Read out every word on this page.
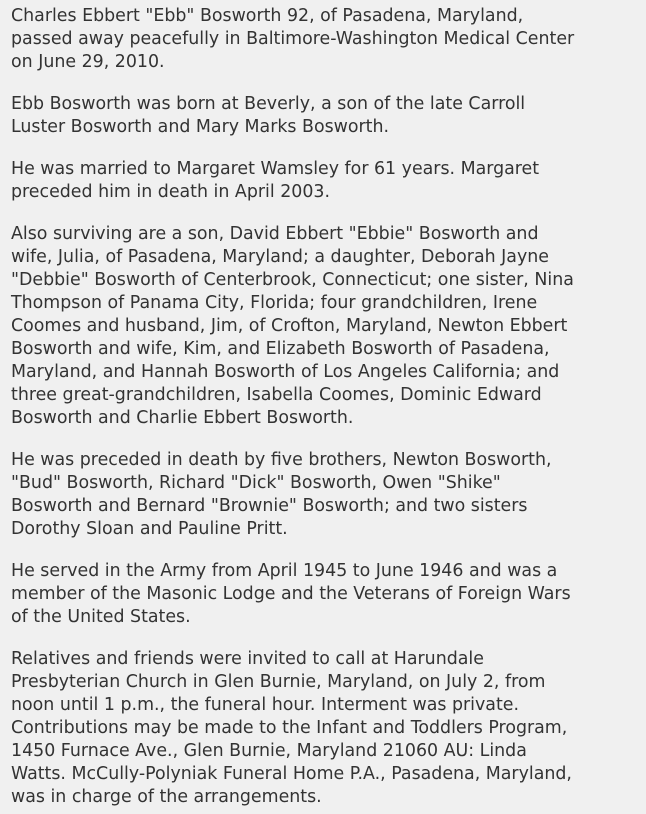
Charles Ebbert "Ebb" Bosworth 92, of Pasadena, Maryland,
passed away peacefully in Baltimore-Washington Medical Center
on June 29, 2010.

Ebb Bosworth was born at Beverly, a son of the late Carroll
Luster Bosworth and Mary Marks Bosworth.

He was married to Margaret Wamsley for 61 years. Margaret
preceded him in death in April 2003.

Also surviving are a son, David Ebbert "Ebbie" Bosworth and
wife, Julia, of Pasadena, Maryland; a daughter, Deborah Jayne
"Debbie" Bosworth of Centerbrook, Connecticut; one sister, Nina
Thompson of Panama City, Florida; four grandchildren, Irene
Coomes and husband, Jim, of Crofton, Maryland, Newton Ebbert
Bosworth and wife, Kim, and Elizabeth Bosworth of Pasadena,
Maryland, and Hannah Bosworth of Los Angeles California; and
three great-grandchildren, Isabella Coomes, Dominic Edward
Bosworth and Charlie Ebbert Bosworth.

He was preceded in death by five brothers, Newton Bosworth,
"Bud" Bosworth, Richard "Dick" Bosworth, Owen "Shike"
Bosworth and Bernard "Brownie" Bosworth; and two sisters
Dorothy Sloan and Pauline Pritt.

He served in the Army from April 1945 to June 1946 and was a
member of the Masonic Lodge and the Veterans of Foreign Wars
of the United States.

Relatives and friends were invited to call at Harundale
Presbyterian Church in Glen Burnie, Maryland, on July 2, from
noon until 1 p.m., the funeral hour. Interment was private.
Contributions may be made to the Infant and Toddlers Program,
1450 Furnace Ave., Glen Burnie, Maryland 21060 AU: Linda
Watts. McCully-Polyniak Funeral Home P.A., Pasadena, Maryland,
was in charge of the arrangements.
